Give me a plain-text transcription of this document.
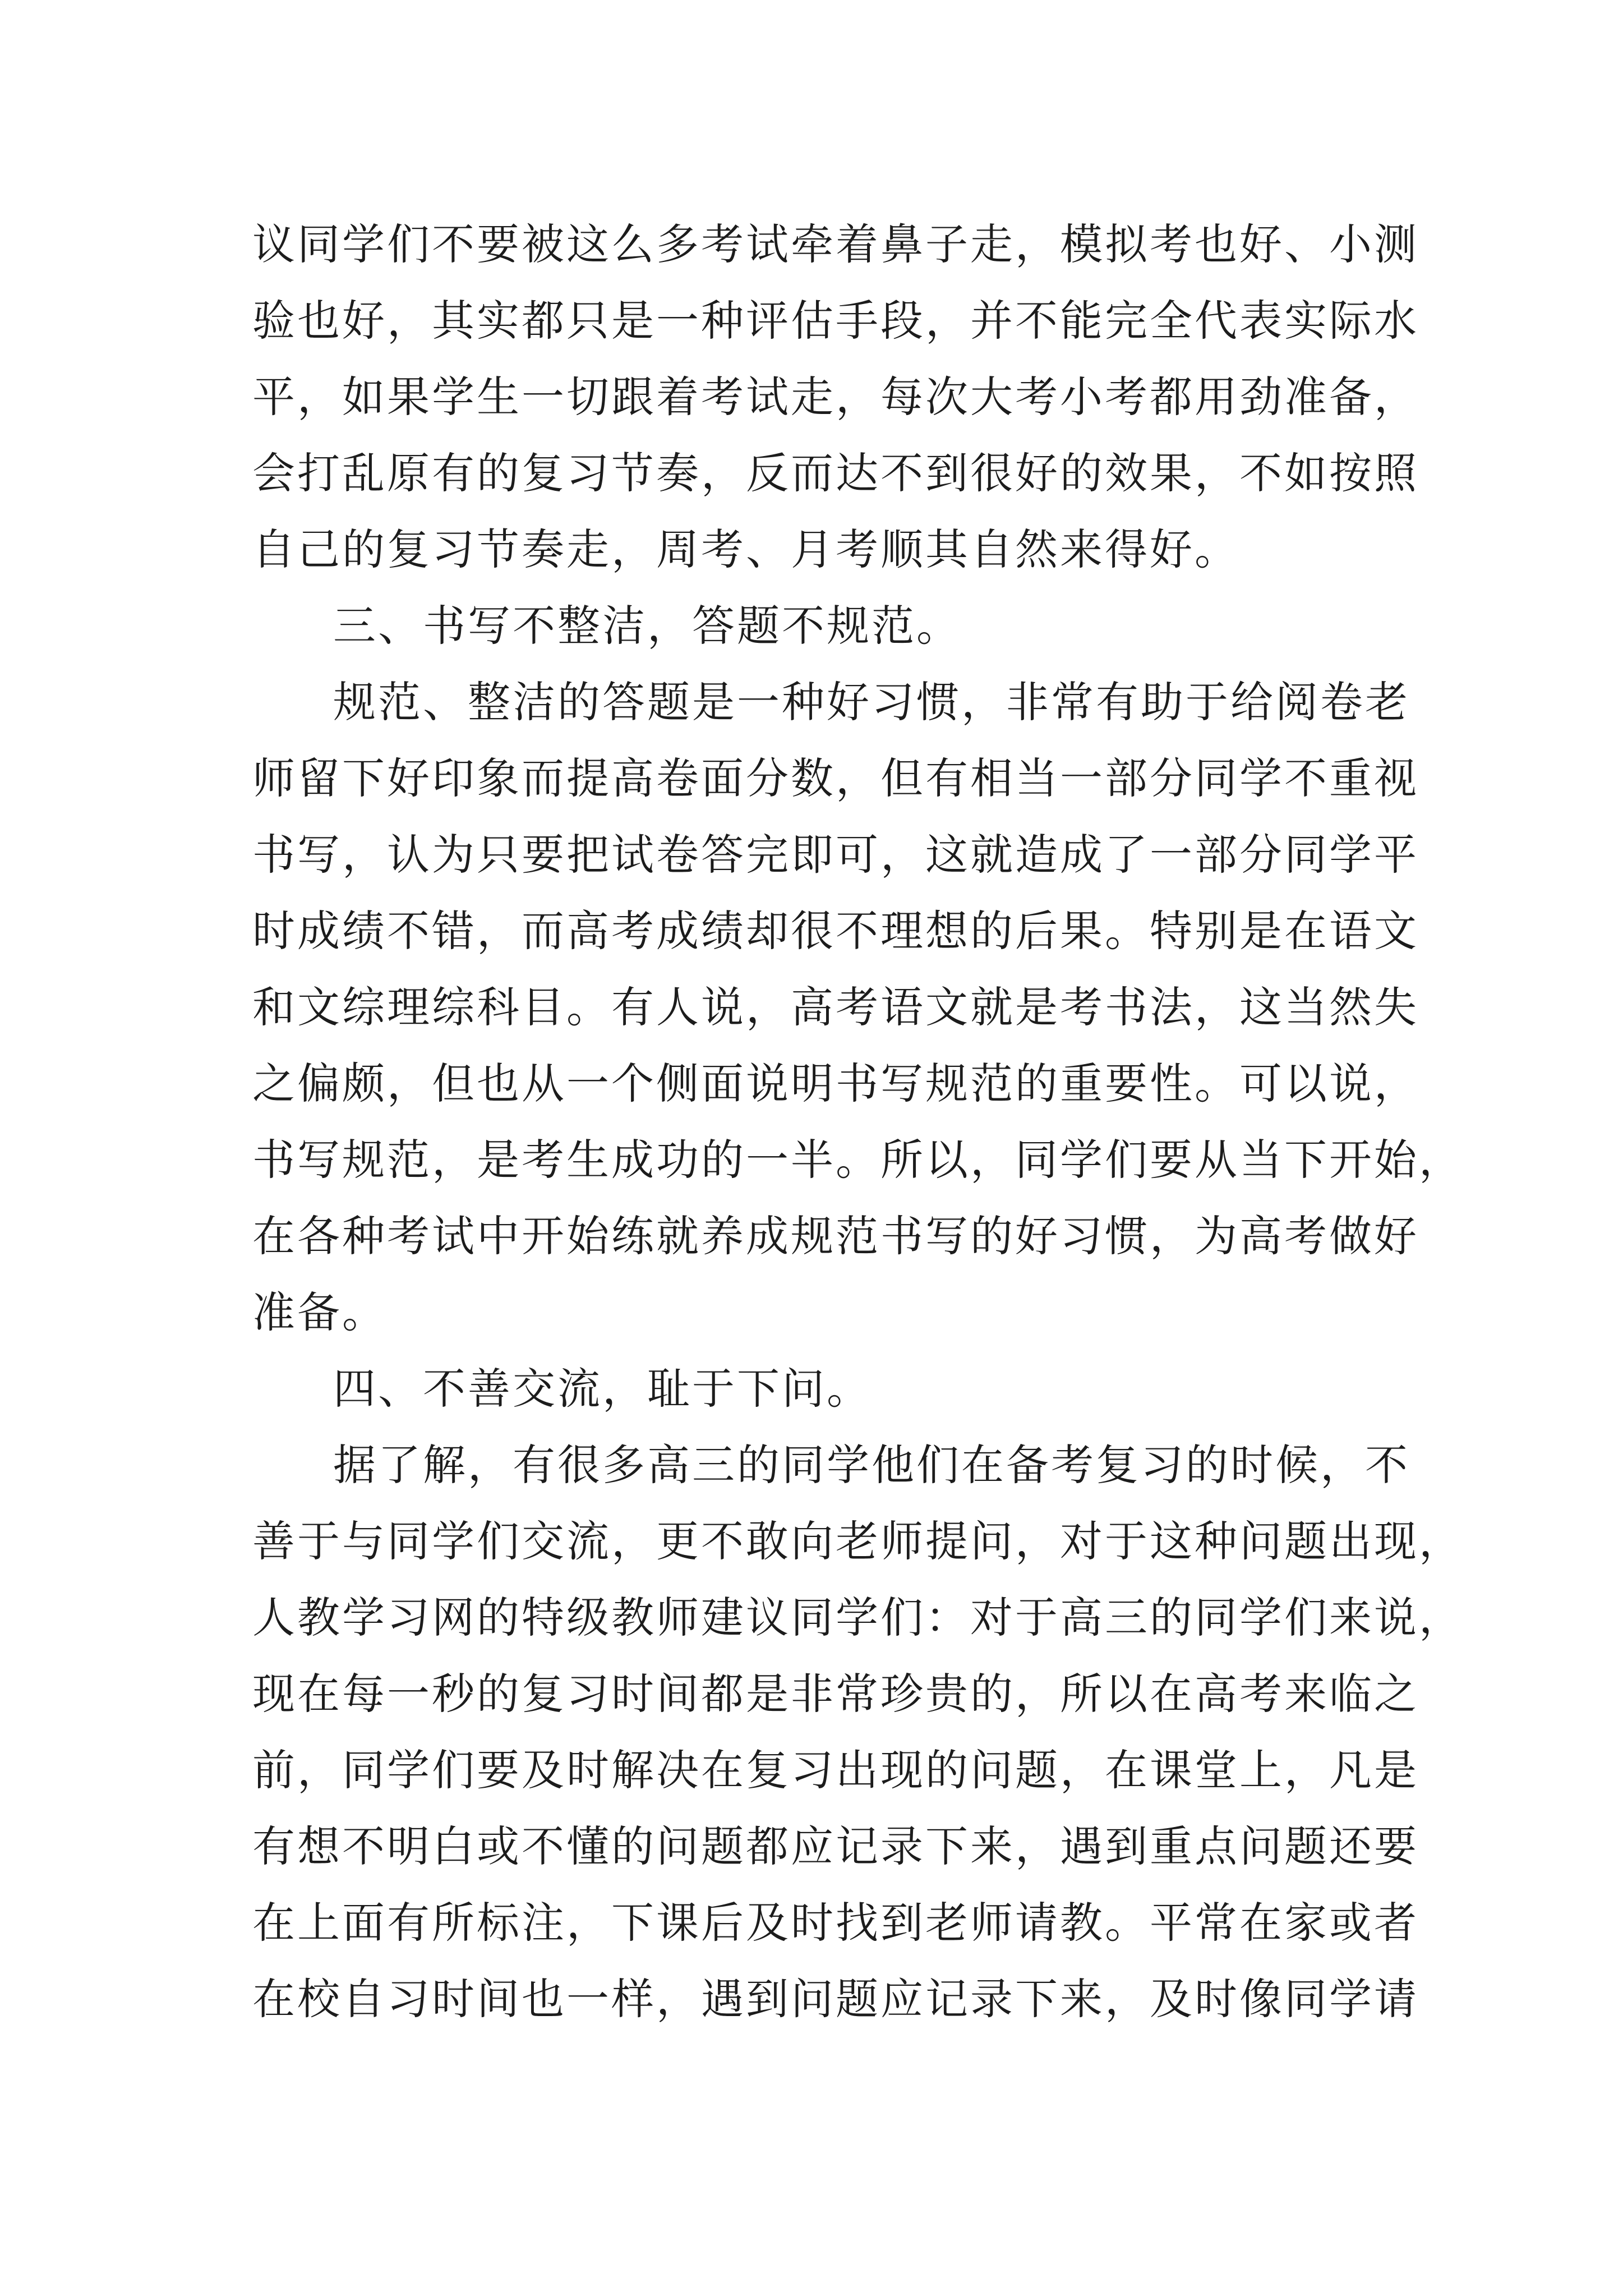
议同学们不要被这么多考试牵着鼻子走，模拟考也好、小测
验也好，其实都只是一种评估手段，并不能完全代表实际水
平，如果学生一切跟着考试走，每次大考小考都用劲准备，
会打乱原有的复习节奏，反而达不到很好的效果，不如按照
自己的复习节奏走，周考、月考顺其自然来得好。
三、书写不整洁，答题不规范。
规范、整洁的答题是一种好习惯，非常有助于给阅卷老
师留下好印象而提高卷面分数，但有相当一部分同学不重视
书写，认为只要把试卷答完即可，这就造成了一部分同学平
时成绩不错，而高考成绩却很不理想的后果。特别是在语文
和文综理综科目。有人说，高考语文就是考书法，这当然失
之偏颇，但也从一个侧面说明书写规范的重要性。可以说，
书写规范，是考生成功的一半。所以，同学们要从当下开始，
在各种考试中开始练就养成规范书写的好习惯，为高考做好
准备。
四、不善交流，耻于下问。
据了解，有很多高三的同学他们在备考复习的时候，不
善于与同学们交流，更不敢向老师提问，对于这种问题出现，
人教学习网的特级教师建议同学们：对于高三的同学们来说，
现在每一秒的复习时间都是非常珍贵的，所以在高考来临之
前，同学们要及时解决在复习出现的问题，在课堂上，凡是
有想不明白或不懂的问题都应记录下来，遇到重点问题还要
在上面有所标注，下课后及时找到老师请教。平常在家或者
在校自习时间也一样，遇到问题应记录下来，及时像同学请
